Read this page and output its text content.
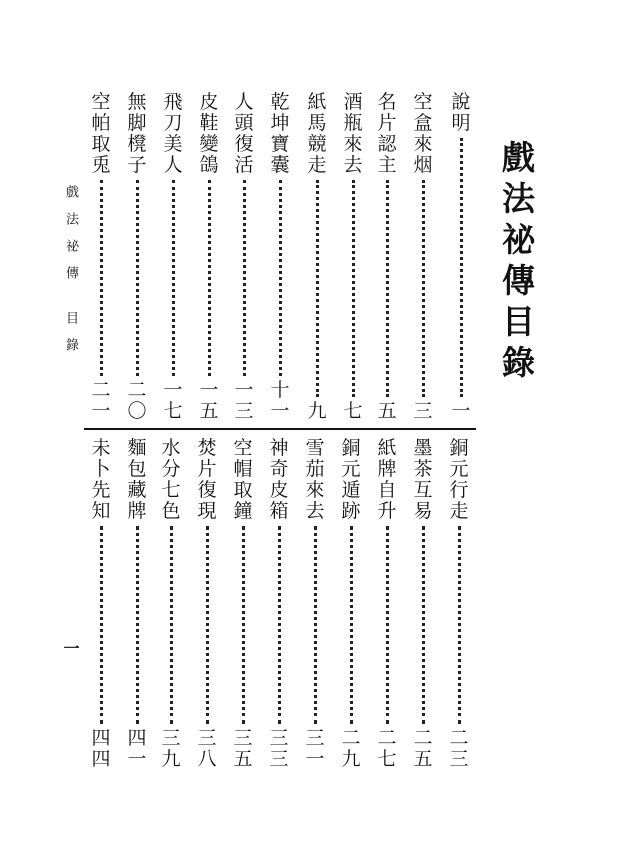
戲法祕傳目錄
戲法祕傳 目錄
一
說
明
一
空
盒
來
烟
三
名
片
認
主
五
酒
瓶
來
去
七
紙
馬
競
走
九
乾
坤
寶
囊
十
一
人
頭
復
活
一
三
皮
鞋
變
鴿
一
五
飛
刀
美
人
一
七
無
脚
櫈
子
二
〇
空
帕
取
兎
二
一
銅
元
行
走
二
三
墨
茶
互
易
二
五
紙
牌
自
升
二
七
銅
元
遁
跡
二
九
雪
茄
來
去
三
一
神
奇
皮
箱
三
三
空
帽
取
鐘
三
五
焚
片
復
現
三
八
水
分
七
色
三
九
麵
包
藏
牌
四
一
未
卜
先
知
四
四
